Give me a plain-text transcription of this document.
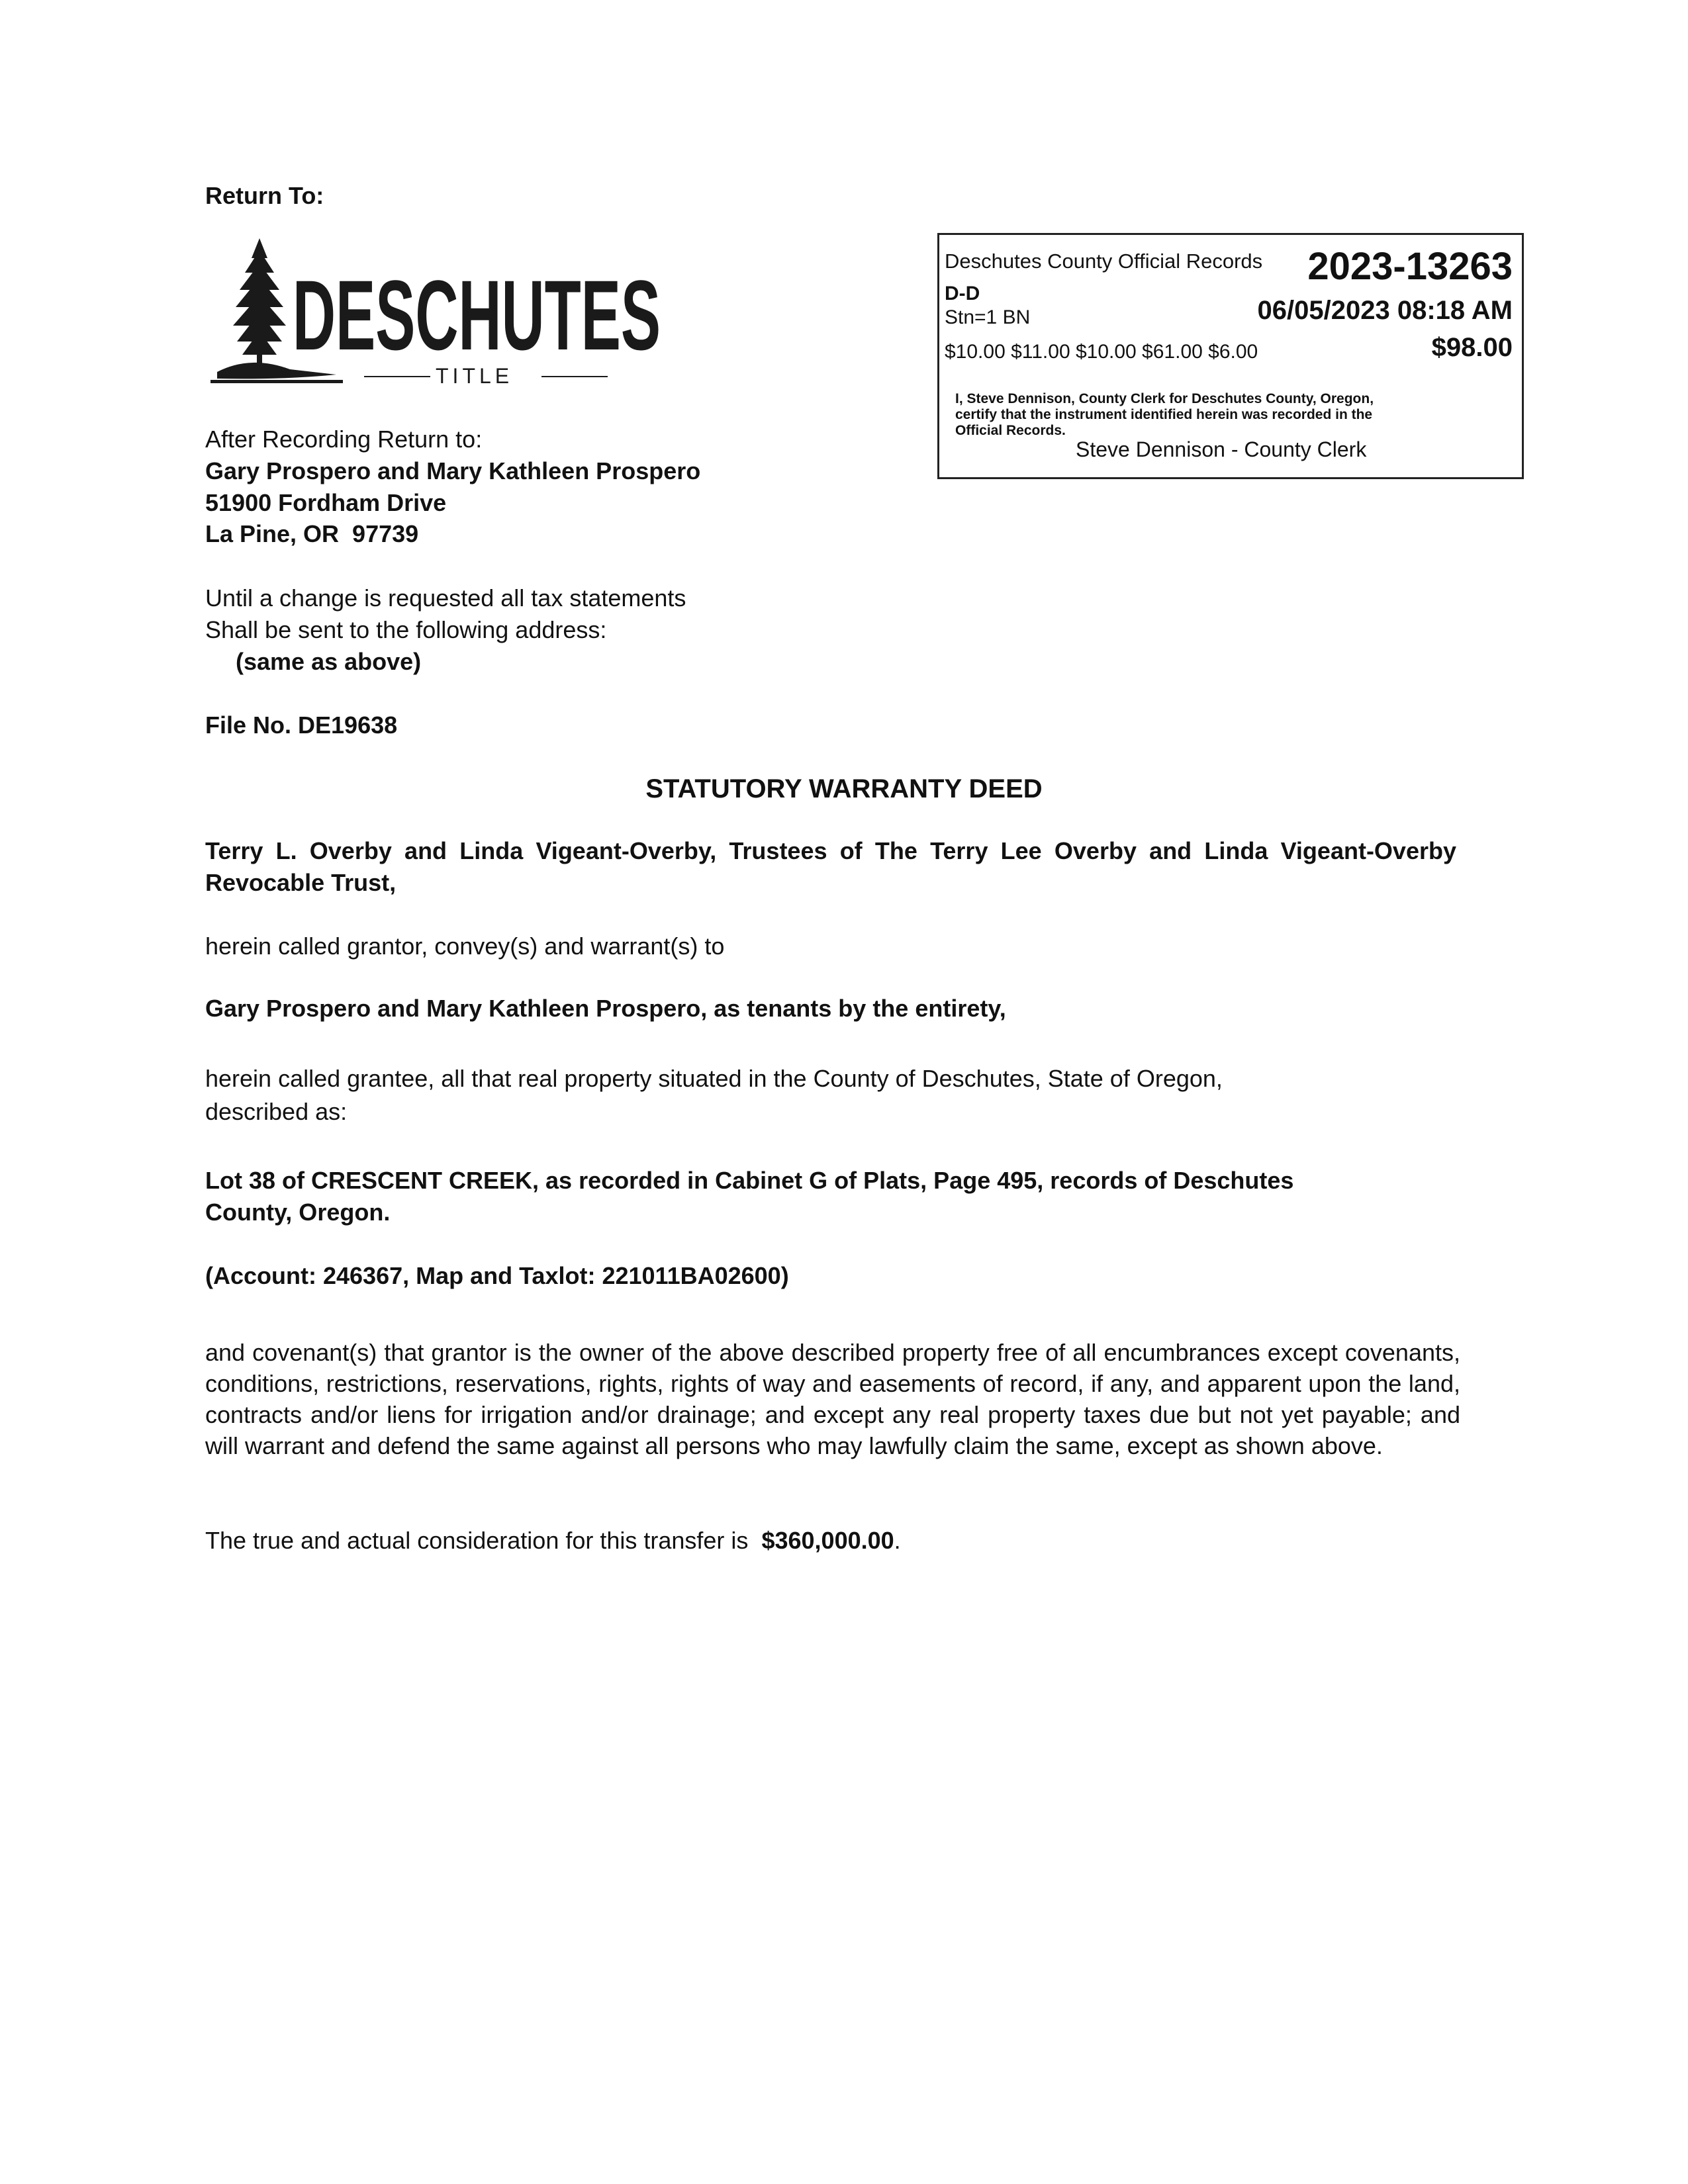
Return To:
DESCHUTES
TITLE
Deschutes County Official Records 2023-13263
D-D
Stn=1 BN	06/05/2023 08:18 AM
$10.00 $11.00 $10.00 $61.00 $6.00	$98.00
I, Steve Dennison, County Clerk for Deschutes County, Oregon,
certify that the instrument identified herein was recorded in the
Official Records.
Steve Dennison - County Clerk
After Recording Return to:
Gary Prospero and Mary Kathleen Prospero
51900 Fordham Drive
La Pine, OR  97739
Until a change is requested all tax statements
Shall be sent to the following address:
(same as above)
File No. DE19638
STATUTORY WARRANTY DEED
Terry L. Overby and Linda Vigeant-Overby, Trustees of The Terry Lee Overby and Linda Vigeant-Overby Revocable Trust,
herein called grantor, convey(s) and warrant(s) to
Gary Prospero and Mary Kathleen Prospero, as tenants by the entirety,
herein called grantee, all that real property situated in the County of Deschutes, State of Oregon,
described as:
Lot 38 of CRESCENT CREEK, as recorded in Cabinet G of Plats, Page 495, records of Deschutes
County, Oregon.
(Account: 246367, Map and Taxlot: 221011BA02600)
and covenant(s) that grantor is the owner of the above described property free of all encumbrances except covenants, conditions, restrictions, reservations, rights, rights of way and easements of record, if any, and apparent upon the land, contracts and/or liens for irrigation and/or drainage; and except any real property taxes due but not yet payable; and will warrant and defend the same against all persons who may lawfully claim the same, except as shown above.
The true and actual consideration for this transfer is $360,000.00.
